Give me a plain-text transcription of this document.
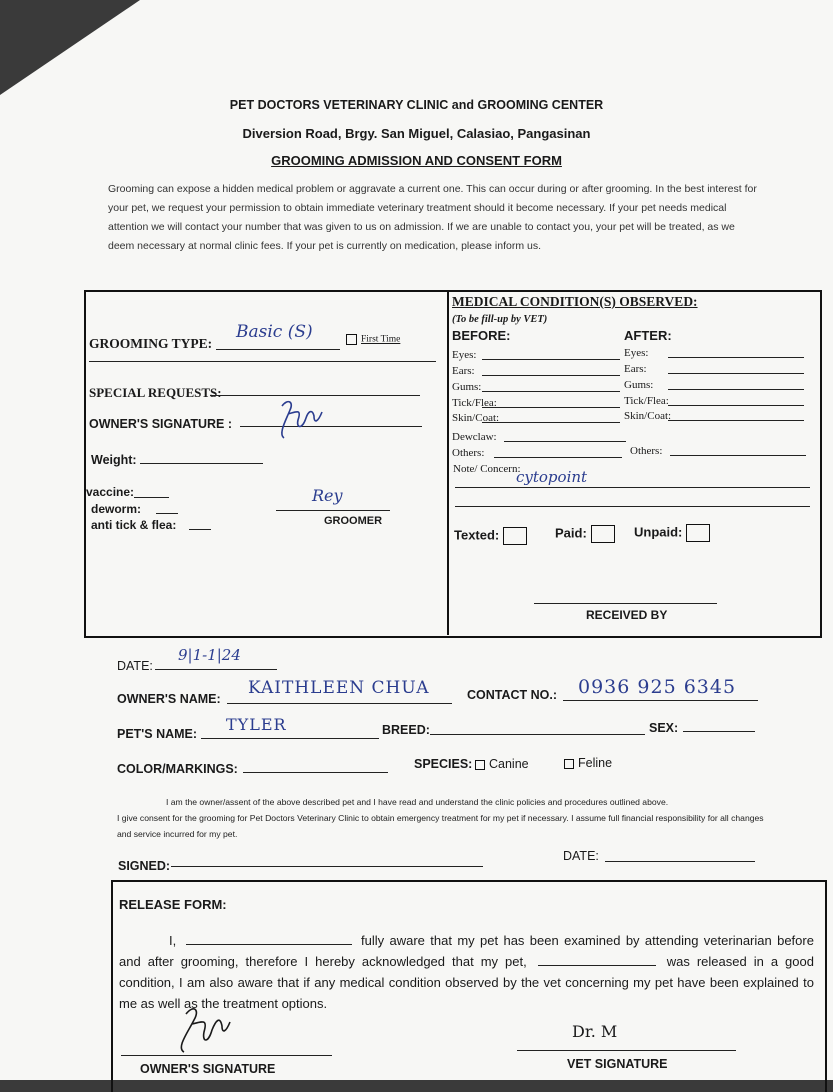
PET DOCTORS VETERINARY CLINIC and GROOMING CENTER
Diversion Road, Brgy. San Miguel, Calasiao, Pangasinan
GROOMING ADMISSION AND CONSENT FORM
Grooming can expose a hidden medical problem or aggravate a current one. This can occur during or after grooming. In the best interest for your pet, we request your permission to obtain immediate veterinary treatment should it become necessary. If your pet needs medical attention we will contact your number that was given to us on admission. If we are unable to contact you, your pet will be treated, as we deem necessary at normal clinic fees. If your pet is currently on medication, please inform us.
GROOMING TYPE:
Basic (S)	First Time
SPECIAL REQUESTS:
OWNER'S SIGNATURE :
Weight:
vaccine:
deworm:
anti tick & flea:
Rey
GROOMER
MEDICAL CONDITION(S) OBSERVED:
(To be fill-up by VET)
BEFORE:	AFTER:
Eyes:	Eyes:
Ears:	Ears:
Gums:	Gums:
Tick/Flea:	Tick/Flea:
Skin/Coat:	Skin/Coat:
Dewclaw:
Others:	Others:
Note/ Concern:
cytopoint
Texted:	Paid:	Unpaid:
RECEIVED BY
DATE:
9|1-1|24
OWNER'S NAME:
KAITHLEEN CHUA	CONTACT NO.: 0936 925 6345
PET'S NAME: TYLER	BREED:	SEX:
COLOR/MARKINGS:	SPECIES:	Canine	Feline
I am the owner/assent of the above described pet and I have read and understand the clinic policies and procedures outlined above.
I give consent for the grooming for Pet Doctors Veterinary Clinic to obtain emergency treatment for my pet if necessary. I assume full financial responsibility for all changes and service incurred for my pet.
SIGNED:
DATE:
RELEASE FORM:
I,	fully aware that my pet has been examined by attending veterinarian before and after grooming, therefore I hereby acknowledged that my pet,	was released in a good condition, I am also aware that if any medical condition observed by the vet concerning my pet have been explained to me as well as the treatment options.
OWNER'S SIGNATURE
Dr. M
VET SIGNATURE
